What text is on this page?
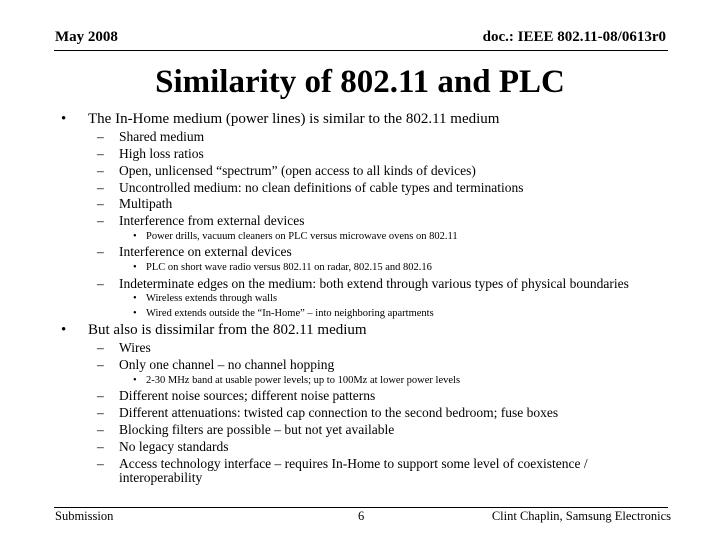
May 2008	doc.: IEEE 802.11-08/0613r0
Similarity of 802.11 and PLC
• The In-Home medium (power lines) is similar to the 802.11 medium
– Shared medium
– High loss ratios
– Open, unlicensed “spectrum” (open access to all kinds of devices)
– Uncontrolled medium: no clean definitions of cable types and terminations
– Multipath
– Interference from external devices
• Power drills, vacuum cleaners on PLC versus microwave ovens on 802.11
– Interference on external devices
• PLC on short wave radio versus 802.11 on radar, 802.15 and 802.16
– Indeterminate edges on the medium: both extend through various types of physical boundaries
• Wireless extends through walls
• Wired extends outside the “In-Home” – into neighboring apartments
• But also is dissimilar from the 802.11 medium
– Wires
– Only one channel – no channel hopping
• 2-30 MHz band at usable power levels; up to 100Mz at lower power levels
– Different noise sources; different noise patterns
– Different attenuations: twisted cap connection to the second bedroom; fuse boxes
– Blocking filters are possible – but not yet available
– No legacy standards
– Access technology interface – requires In-Home to support some level of coexistence /
interoperability
Submission	6	Clint Chaplin, Samsung Electronics
